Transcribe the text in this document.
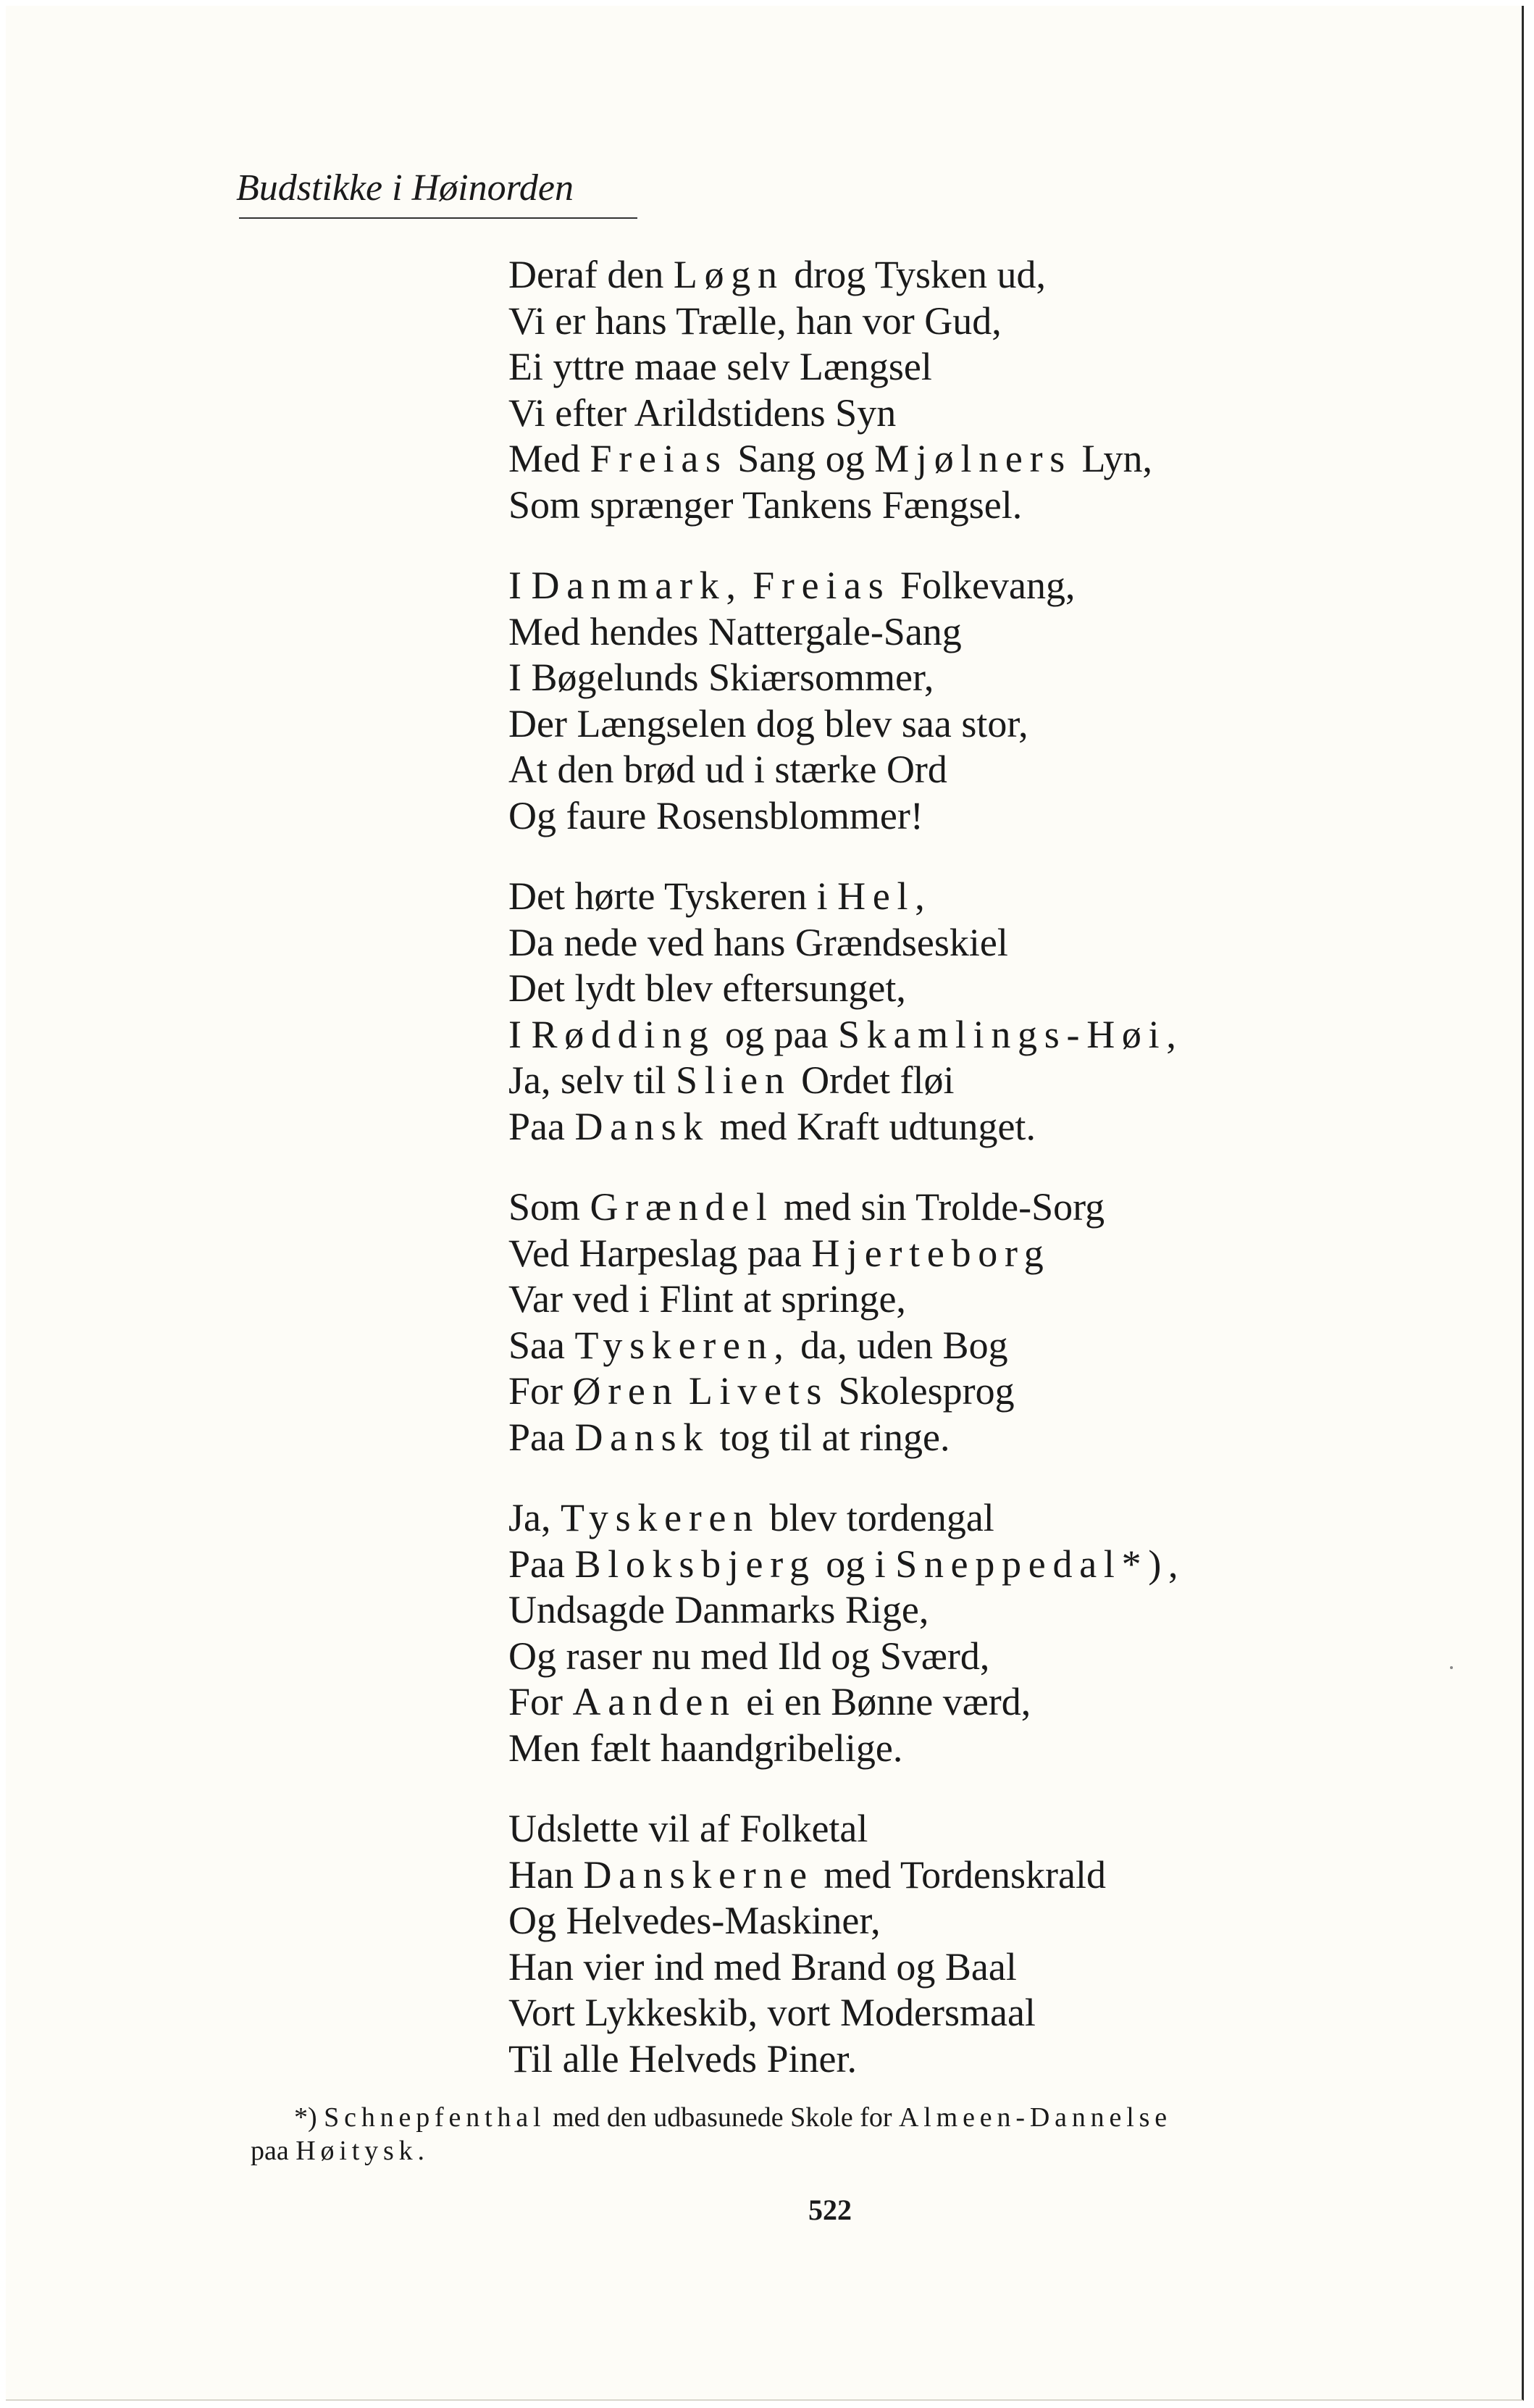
Budstikke i Høinorden
Deraf den Løgn drog Tysken ud,
Vi er hans Trælle, han vor Gud,
Ei yttre maae selv Længsel
Vi efter Arildstidens Syn
Med Freias Sang og Mjølners Lyn,
Som sprænger Tankens Fængsel.
I Danmark, Freias Folkevang,
Med hendes Nattergale-Sang
I Bøgelunds Skiærsommer,
Der Længselen dog blev saa stor,
At den brød ud i stærke Ord
Og faure Rosensblommer!
Det hørte Tyskeren i Hel,
Da nede ved hans Grændseskiel
Det lydt blev eftersunget,
I Rødding og paa Skamlings-Høi,
Ja, selv til Slien Ordet fløi
Paa Dansk med Kraft udtunget.
Som Grændel med sin Trolde-Sorg
Ved Harpeslag paa Hjerteborg
Var ved i Flint at springe,
Saa Tyskeren, da, uden Bog
For Øren Livets Skolesprog
Paa Dansk tog til at ringe.
Ja, Tyskeren blev tordengal
Paa Bloksbjerg og i Sneppedal*),
Undsagde Danmarks Rige,
Og raser nu med Ild og Sværd,
For Aanden ei en Bønne værd,
Men fælt haandgribelige.
Udslette vil af Folketal
Han Danskerne med Tordenskrald
Og Helvedes-Maskiner,
Han vier ind med Brand og Baal
Vort Lykkeskib, vort Modersmaal
Til alle Helveds Piner.
*) Schnepfenthal med den udbasunede Skole for Almeen-Dannelse
paa Høitysk.
522
